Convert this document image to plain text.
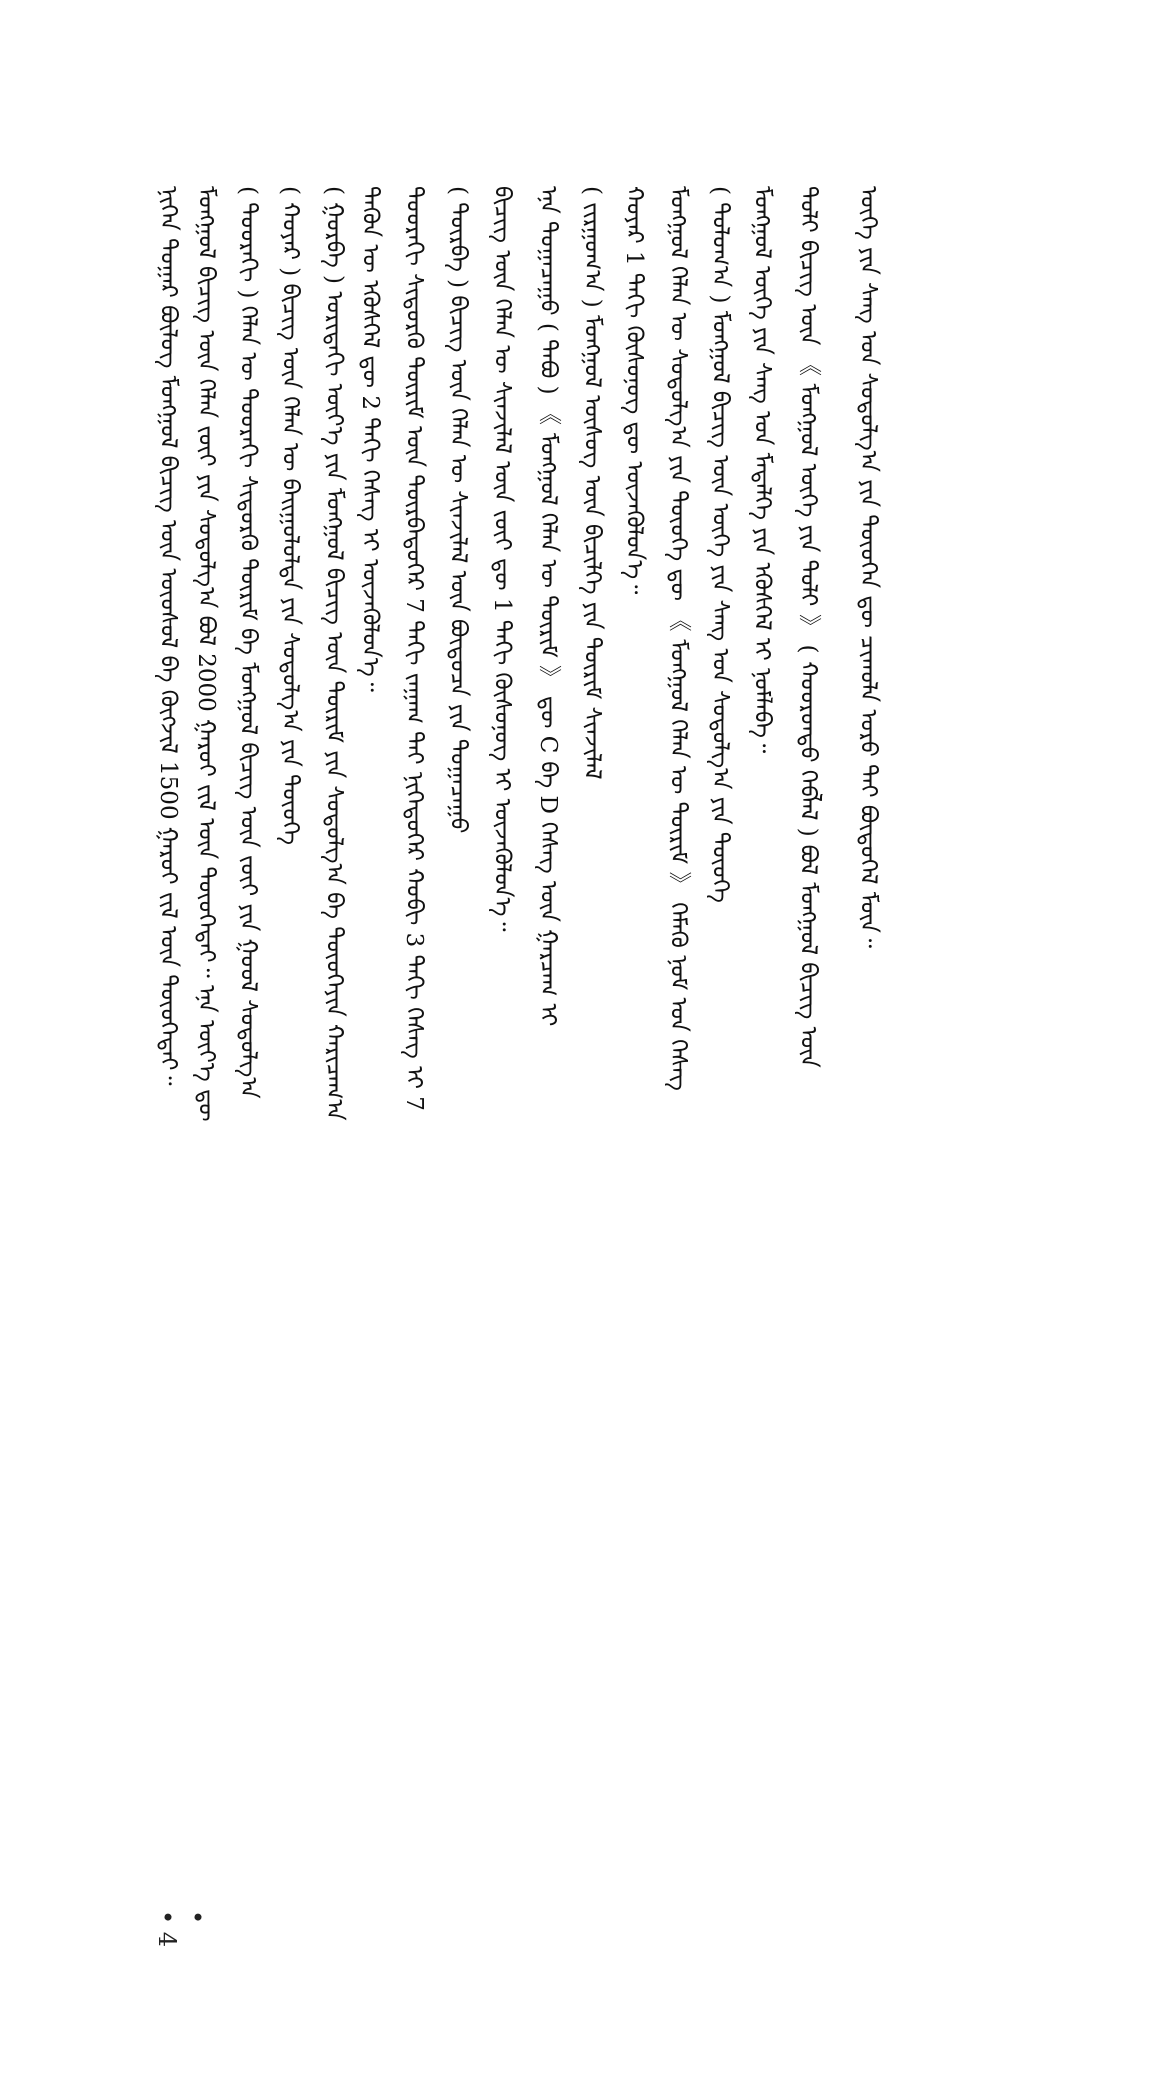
ᠨᠢᠭᠡᠨ ᠳᠤᠭᠠᠷ ᠪᠦᠯᠦᠭ ᠮᠣᠩᠭᠣᠯ ᠪᠢᠴᠢᠭ᠌ ᠦᠨ ᠦᠦᠰᠦᠯ ᠪᠠ ᠬᠦᠭᠵᠢᠯ 1500 ᠭᠠᠷᠣᠶ ᠵᠢᠯ ᠦᠨ ᠲᠦᠦᠬᠡᠲᠡᠢ᠃ ᠮᠣᠩᠭᠣᠯ ᠪᠢᠴᠢᠭ᠌ ᠦᠨ ᠬᠡᠯᠡᠨ ᠵᠦᠢ ᠶᠢᠨ ᠰᠤᠳᠤᠯᠭ᠎ᠠ ᠪᠣᠯ 2000 ᠭᠠᠷᠣᠶ ᠵᠢᠯ ᠦᠨ ᠲᠦᠦᠬᠡᠲᠡᠢ᠃ ᠡᠨᠡ ᠦᠶ᠎ᠡ ᠳᠦ ( ᠳᠣᠣᠷᠠᠬᠢ ) ᠬᠡᠯᠡᠨ ᠦ ᠳᠣᠣᠷᠠᠬᠢ ᠰᠢᠳᠦᠷᠭᠦ ᠳᠦᠷᠢᠮ ᠪᠠ ᠮᠣᠩᠭᠣᠯ ᠪᠢᠴᠢᠭ᠌ ᠦᠨ ᠵᠦᠢ ᠶᠢᠨ ᠭᠣᠣᠯ ᠰᠤᠳᠤᠯᠭ᠎ᠠ ( ᠬᠤᠶᠠᠷ ) ᠪᠢᠴᠢᠭ᠌ ᠦᠨ ᠬᠡᠯᠡᠨ ᠦ ᠪᠠᠢᠭᠤᠯᠤᠯᠲᠠ ᠶᠢᠨ ᠰᠤᠳᠤᠯᠭ᠎ᠠ ᠶᠢᠨ ᠲᠦᠦᠬᠡ ( ᠭᠤᠷᠪᠠ ) ᠤᠷᠢᠳᠠᠬᠢ ᠦᠶ᠎ᠡ ᠶᠢᠨ ᠮᠣᠩᠭᠣᠯ ᠪᠢᠴᠢᠭ᠌ ᠦᠨ ᠳᠦᠷᠢᠮ ᠶᠢᠨ ᠰᠤᠳᠤᠯᠭ᠎ᠠ ᠪᠠ ᠲᠦᠦᠬᠡᠶᠢᠨ ᠬᠠᠷᠢᠴᠠᠭ᠎ᠠ ᠲᠡᠭᠦᠨ ᠦ ᠡᠭᠦᠰᠬᠡᠯ ᠳᠦ 2 ᠳᠠᠬᠢ ᠬᠡᠰᠡᠭ ᠢ ᠦᠵᠡᠭᠦᠯᠦᠨ᠎ᠡ᠃ ᠳᠣᠣᠷᠠᠬᠢ ᠰᠢᠳᠦᠷᠭᠦ ᠳᠦᠷᠢᠮ ᠦᠨ ᠳᠦᠷᠪᠡᠳᠦᠭᠡᠷ 7 ᠳᠠᠬᠢ ᠵᠠᠭᠠᠭ ᠲᠠᠢ ᠨᠢᠭᠡᠳᠦᠭᠡᠷ ᠬᠤᠪᠢ 3 ᠳᠠᠬᠢ ᠬᠡᠰᠡᠭ ᠢ 7 ( ᠳᠥᠷᠪᠡ ) ᠪᠢᠴᠢᠭ᠌ ᠦᠨ ᠬᠡᠯᠡᠨ ᠦ ᠰᠢᠨᠵᠢᠯᠡᠯ ᠦᠨ ᠪᠦᠲᠦᠴᠡ ᠶᠢᠨ ᠲᠣᠭᠠᠴᠠᠭᠤ ᠪᠢᠴᠢᠭ᠌ ᠦᠨ ᠬᠡᠯᠡᠨ ᠦ ᠰᠢᠨᠵᠢᠯᠡᠯ ᠦᠨ ᠵᠦᠢ ᠳᠦ 1 ᠳᠠᠬᠢ ᠬᠦᠰᠦᠨᠦᠭ ᠢ ᠦᠵᠡᠭᠦᠯᠦᠨ᠎ᠡ᠃ ᠡᠨᠡ ᠲᠣᠭᠠᠴᠠᠭᠤ ( ᠲᠠᠪᠤ ) 《 ᠮᠣᠩᠭᠣᠯ ᠬᠡᠯᠡᠨ ᠦ ᠳᠦᠷᠢᠮ 》 ᠳᠦ C ᠪᠠ D ᠬᠡᠰᠡᠭ ᠦᠨ ᠭᠠᠷᠴᠠᠭ ᠢ ( ᠵᠢᠷᠭᠤᠭ᠎ᠠ ) ᠮᠣᠩᠭᠣᠯ ᠦᠰᠦᠭ ᠦᠨ ᠪᠢᠴᠢᠯᠭᠡ ᠶᠢᠨ ᠳᠦᠷᠢᠮ ᠰᠢᠨᠵᠢᠯᠡᠯ ᠬᠣᠶᠠᠷ 1 ᠳᠠᠬᠢ ᠬᠦᠰᠦᠨᠦᠭ ᠳᠦ ᠦᠵᠡᠭᠦᠯᠦᠨ᠎ᠡ᠃ ᠮᠣᠩᠭᠣᠯ ᠬᠡᠯᠡᠨ ᠦ ᠰᠤᠳᠤᠯᠭ᠎ᠠ ᠶᠢᠨ ᠲᠦᠦᠬᠡ ᠳᠦ 《 ᠮᠣᠩᠭᠣᠯ ᠬᠡᠯᠡᠨ ᠦ ᠳᠦᠷᠢᠮ 》 ᠬᠡᠮᠡᠬᠦ ᠨᠣᠮ ᠤᠨ ᠬᠡᠰᠡᠭ ( ᠳᠣᠯᠣᠭ᠎ᠠ ) ᠮᠣᠩᠭᠣᠯ ᠪᠢᠴᠢᠭ᠌ ᠦᠨ ᠦᠭᠡ ᠶᠢᠨ ᠰᠠᠩ ᠤᠨ ᠰᠤᠳᠤᠯᠭ᠎ᠠ ᠶᠢᠨ ᠲᠦᠦᠬᠡ ᠮᠣᠩᠭᠣᠯ ᠦᠭᠡ ᠶᠢᠨ ᠰᠠᠩ ᠤᠨ ᠮᠡᠳᠡᠯᠭᠡ ᠶᠢᠨ ᠡᠭᠦᠰᠬᠡᠯ ᠢ ᠨᠣᠮᠯᠠᠪᠠ᠃ ᠲᠣᠯᠢ ᠪᠢᠴᠢᠭ ᠦᠨ 《 ᠮᠣᠩᠭᠣᠯ ᠦᠭᠡ ᠶᠢᠨ ᠲᠣᠯᠢ 》 ( ᠬᠣᠣᠷᠣᠨᠳᠤ ᠬᠡᠪᠯᠡᠯ ) ᠪᠣᠯ ᠮᠣᠩᠭᠣᠯ ᠪᠢᠴᠢᠭ᠌ ᠦᠨ ᠦᠭᠡ ᠶᠢᠨ ᠰᠠᠩ ᠤᠨ ᠰᠤᠳᠤᠯᠭ᠎ᠠ ᠶᠢᠨ ᠲᠦᠦᠬᠡᠨ ᠳᠦ ᠴᠢᠬᠤᠯᠠ ᠣᠷᠣ ᠲᠠᠢ ᠪᠦᠲᠦᠭᠡᠯ ᠮᠥᠨ᠃
• 4 •
